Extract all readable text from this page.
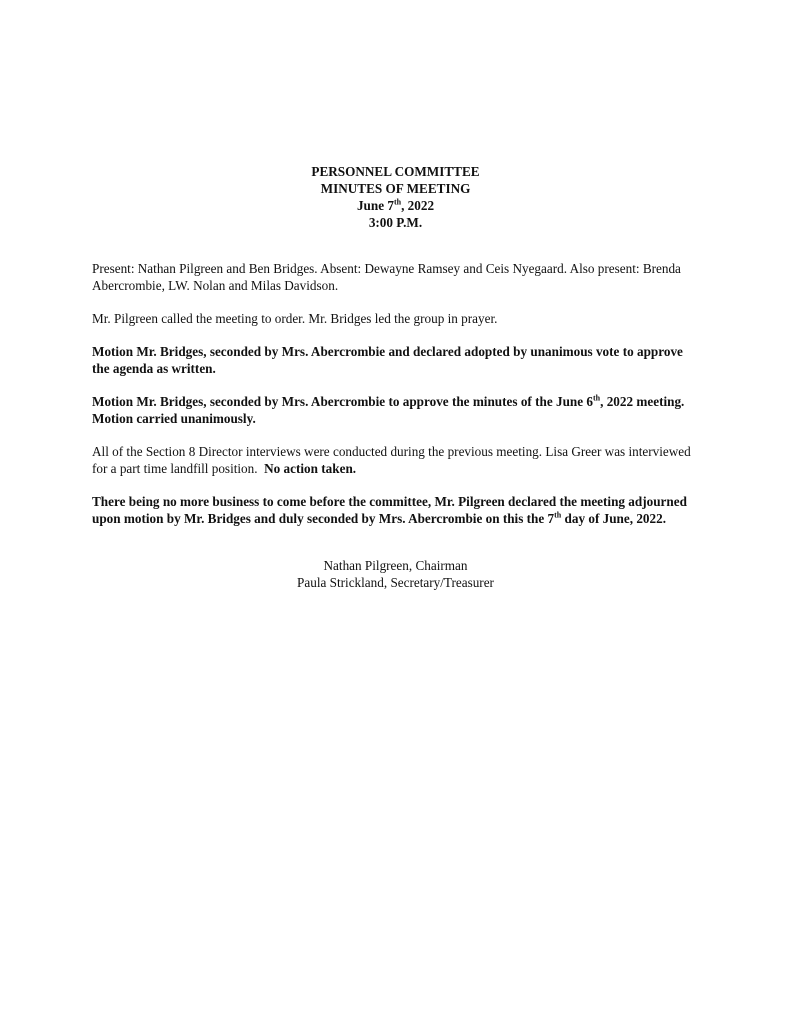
PERSONNEL COMMITTEE
MINUTES OF MEETING
June 7th, 2022
3:00 P.M.

Present: Nathan Pilgreen and Ben Bridges. Absent: Dewayne Ramsey and Ceis Nyegaard. Also present: Brenda Abercrombie, LW. Nolan and Milas Davidson.

Mr. Pilgreen called the meeting to order. Mr. Bridges led the group in prayer.

Motion Mr. Bridges, seconded by Mrs. Abercrombie and declared adopted by unanimous vote to approve the agenda as written.

Motion Mr. Bridges, seconded by Mrs. Abercrombie to approve the minutes of the June 6th, 2022 meeting. Motion carried unanimously.

All of the Section 8 Director interviews were conducted during the previous meeting. Lisa Greer was interviewed for a part time landfill position. No action taken.

There being no more business to come before the committee, Mr. Pilgreen declared the meeting adjourned upon motion by Mr. Bridges and duly seconded by Mrs. Abercrombie on this the 7th day of June, 2022.

Nathan Pilgreen, Chairman
Paula Strickland, Secretary/Treasurer
